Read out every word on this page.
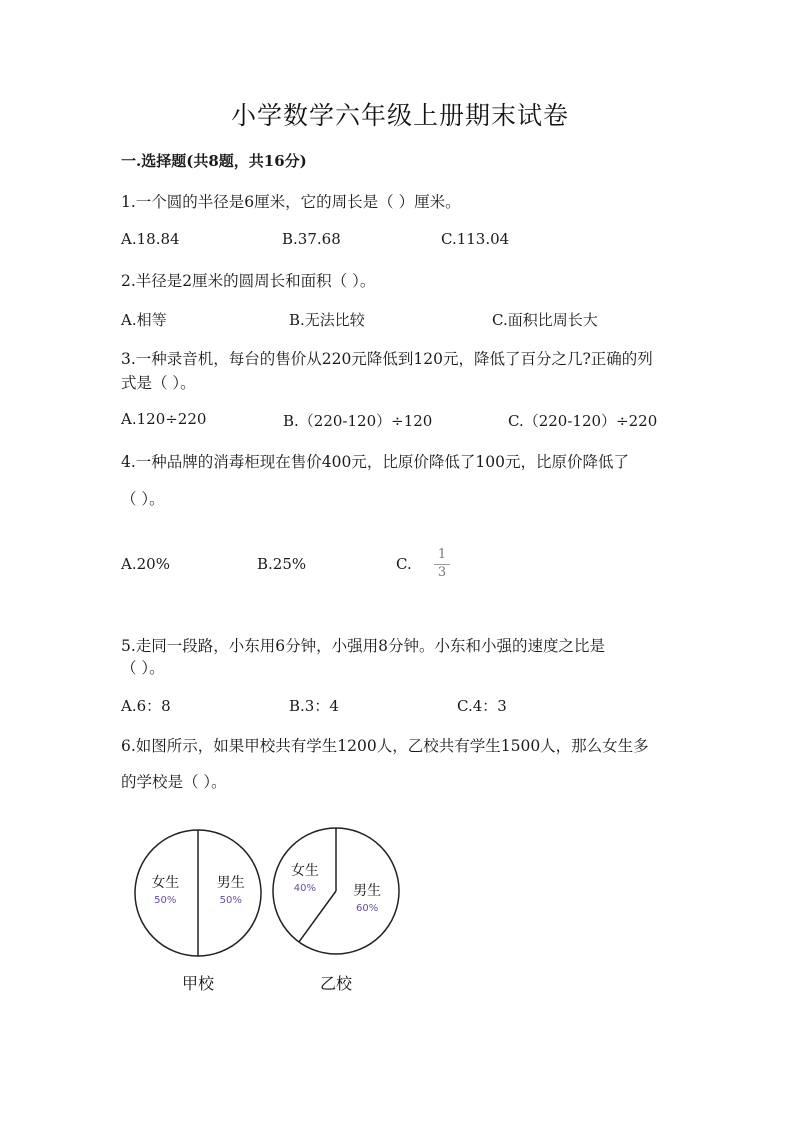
小学数学六年级上册期末试卷
一.选择题(共8题，共16分)
1.一个圆的半径是6厘米，它的周长是（ ）厘米。
A.18.84	B.37.68	C.113.04
2.半径是2厘米的圆周长和面积（ ）。
A.相等	B.无法比较	C.面积比周长大
3.一种录音机，每台的售价从220元降低到120元，降低了百分之几?正确的列
式是（ ）。
A.120÷220	B.（220-120）÷120	C.（220-120）÷220
4.一种品牌的消毒柜现在售价400元，比原价降低了100元，比原价降低了
（ ）。
A.20%	B.25%	C.
1
3
5.走同一段路，小东用6分钟，小强用8分钟。小东和小强的速度之比是
（ ）。
A.6：8	B.3：4	C.4：3
6.如图所示，如果甲校共有学生1200人，乙校共有学生1500人，那么女生多
的学校是（ ）。
女生
50%
男生
50%
甲校
女生
40%	男生
60%
乙校
